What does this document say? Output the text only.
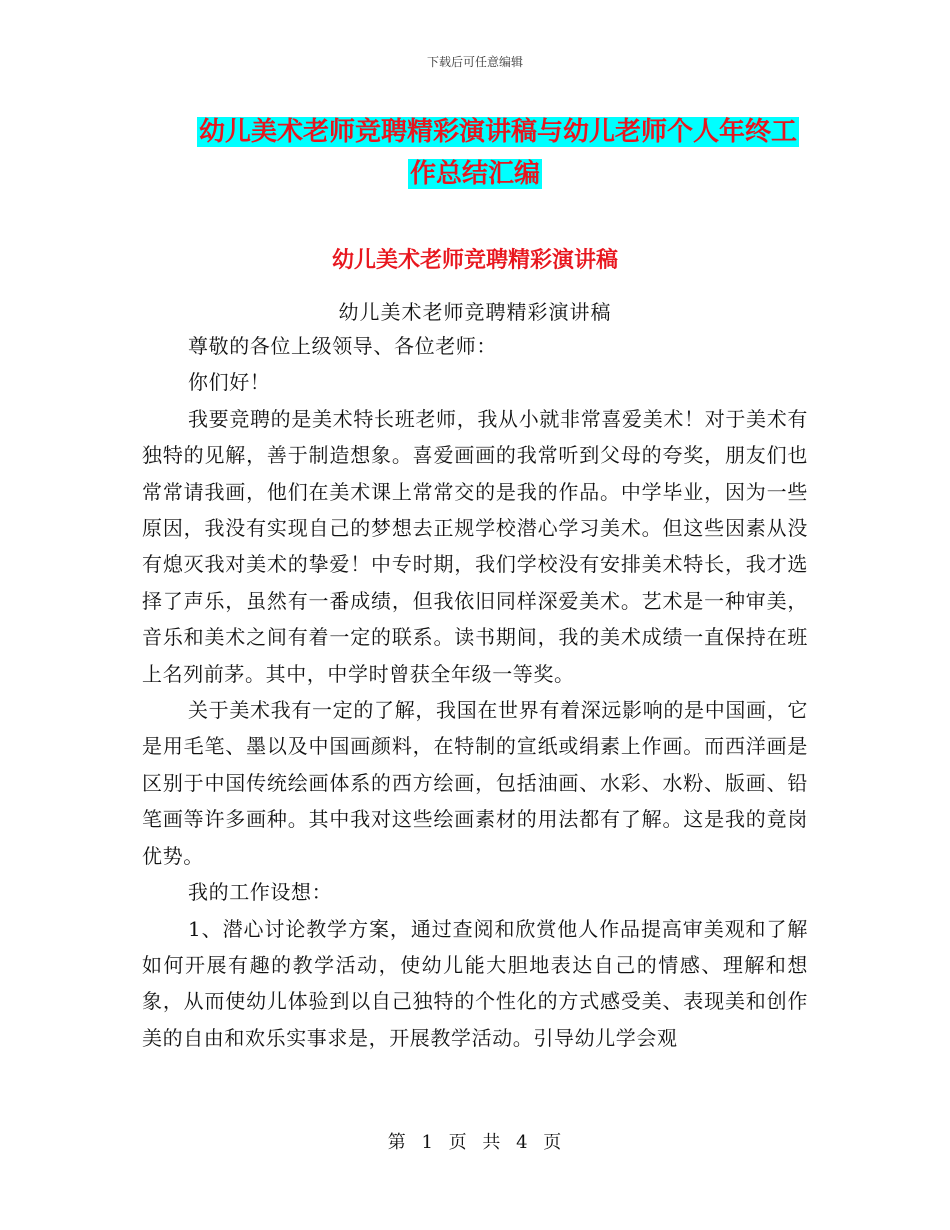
下载后可任意编辑
幼儿美术老师竞聘精彩演讲稿与幼儿老师个人年终工
作总结汇编
幼儿美术老师竞聘精彩演讲稿
幼儿美术老师竞聘精彩演讲稿

尊敬的各位上级领导、各位老师：

你们好！

我要竞聘的是美术特长班老师，我从小就非常喜爱美术！对于美术有独特的见解，善于制造想象。喜爱画画的我常听到父母的夸奖，朋友们也常常请我画，他们在美术课上常常交的是我的作品。中学毕业，因为一些原因，我没有实现自己的梦想去正规学校潜心学习美术。但这些因素从没有熄灭我对美术的挚爱！中专时期，我们学校没有安排美术特长，我才选择了声乐，虽然有一番成绩，但我依旧同样深爱美术。艺术是一种审美，音乐和美术之间有着一定的联系。读书期间，我的美术成绩一直保持在班上名列前茅。其中，中学时曾获全年级一等奖。

关于美术我有一定的了解，我国在世界有着深远影响的是中国画，它是用毛笔、墨以及中国画颜料，在特制的宣纸或绢素上作画。而西洋画是区别于中国传统绘画体系的西方绘画，包括油画、水彩、水粉、版画、铅笔画等许多画种。其中我对这些绘画素材的用法都有了解。这是我的竟岗优势。

我的工作设想：

1、潜心讨论教学方案，通过查阅和欣赏他人作品提高审美观和了解如何开展有趣的教学活动，使幼儿能大胆地表达自己的情感、理解和想象，从而使幼儿体验到以自己独特的个性化的方式感受美、表现美和创作美的自由和欢乐实事求是，开展教学活动。引导幼儿学会观

第 1 页 共 4 页
